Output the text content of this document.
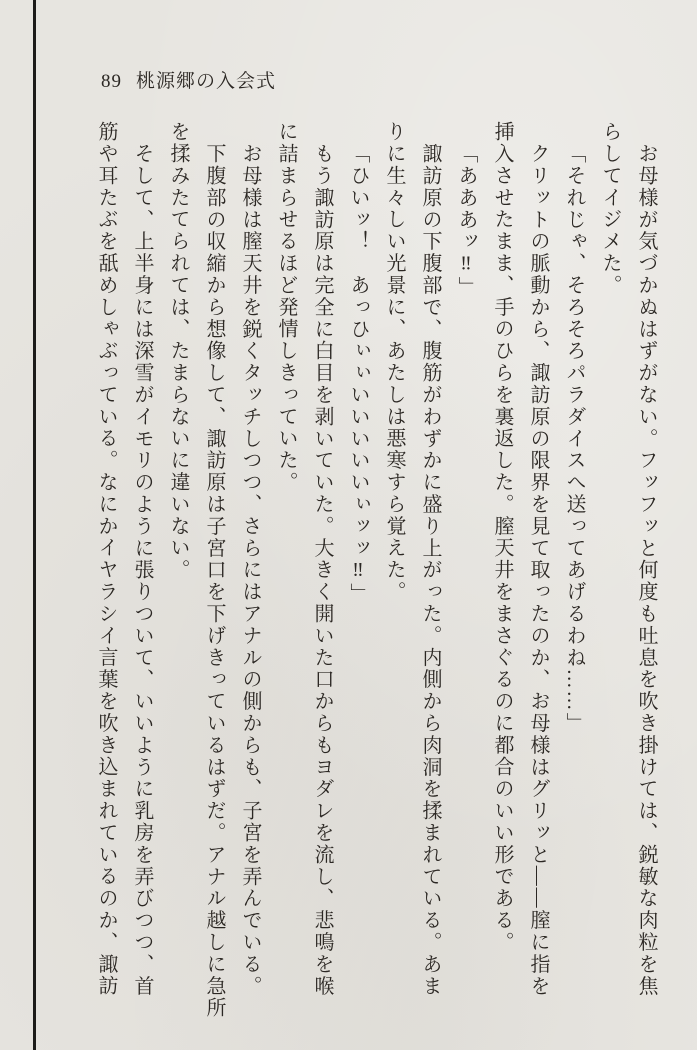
89 桃源郷の入会式

お母様が気づかぬはずがない。フッフッと何度も吐息を吹き掛けては、鋭敏な肉粒を焦

らしてイジメた。

「それじゃ、そろそろパラダイスへ送ってあげるわね……」

クリットの脈動から、諏訪原の限界を見て取ったのか、お母様はグリッと――膣に指を

挿入させたまま、手のひらを裏返した。膣天井をまさぐるのに都合のいい形である。

「あああッ‼」

諏訪原の下腹部で、腹筋がわずかに盛り上がった。内側から肉洞を揉まれている。あま

りに生々しい光景に、あたしは悪寒すら覚えた。

「ひいッ！　あっひぃぃいいいいいぃッッ‼」

もう諏訪原は完全に白目を剥いていた。大きく開いた口からもヨダレを流し、悲鳴を喉

に詰まらせるほど発情しきっていた。

お母様は膣天井を鋭くタッチしつつ、さらにはアナルの側からも、子宮を弄んでいる。

下腹部の収縮から想像して、諏訪原は子宮口を下げきっているはずだ。アナル越しに急所

を揉みたてられては、たまらないに違いない。

そして、上半身には深雪がイモリのように張りついて、いいように乳房を弄びつつ、首

筋や耳たぶを舐めしゃぶっている。なにかイヤラシイ言葉を吹き込まれているのか、諏訪
